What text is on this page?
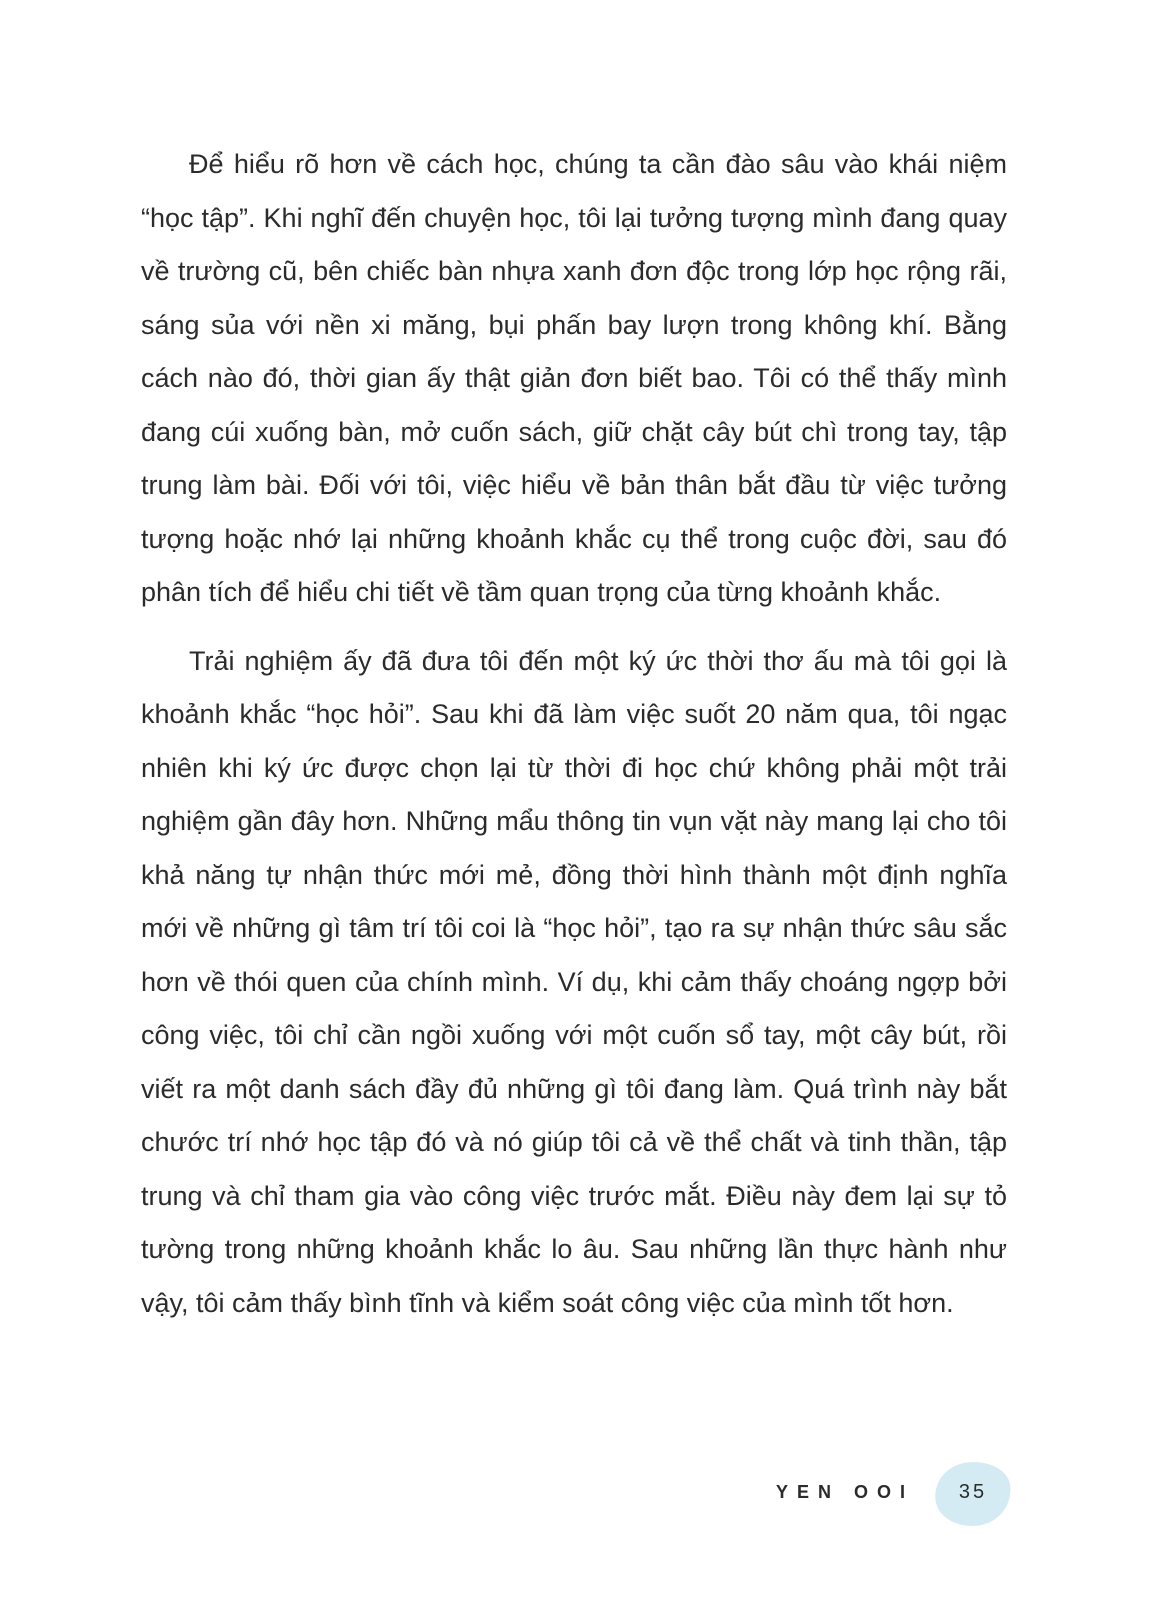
Để hiểu rõ hơn về cách học, chúng ta cần đào sâu vào khái niệm “học tập”. Khi nghĩ đến chuyện học, tôi lại tưởng tượng mình đang quay về trường cũ, bên chiếc bàn nhựa xanh đơn độc trong lớp học rộng rãi, sáng sủa với nền xi măng, bụi phấn bay lượn trong không khí. Bằng cách nào đó, thời gian ấy thật giản đơn biết bao. Tôi có thể thấy mình đang cúi xuống bàn, mở cuốn sách, giữ chặt cây bút chì trong tay, tập trung làm bài. Đối với tôi, việc hiểu về bản thân bắt đầu từ việc tưởng tượng hoặc nhớ lại những khoảnh khắc cụ thể trong cuộc đời, sau đó phân tích để hiểu chi tiết về tầm quan trọng của từng khoảnh khắc.

Trải nghiệm ấy đã đưa tôi đến một ký ức thời thơ ấu mà tôi gọi là khoảnh khắc “học hỏi”. Sau khi đã làm việc suốt 20 năm qua, tôi ngạc nhiên khi ký ức được chọn lại từ thời đi học chứ không phải một trải nghiệm gần đây hơn. Những mẩu thông tin vụn vặt này mang lại cho tôi khả năng tự nhận thức mới mẻ, đồng thời hình thành một định nghĩa mới về những gì tâm trí tôi coi là “học hỏi”, tạo ra sự nhận thức sâu sắc hơn về thói quen của chính mình. Ví dụ, khi cảm thấy choáng ngợp bởi công việc, tôi chỉ cần ngồi xuống với một cuốn sổ tay, một cây bút, rồi viết ra một danh sách đầy đủ những gì tôi đang làm. Quá trình này bắt chước trí nhớ học tập đó và nó giúp tôi cả về thể chất và tinh thần, tập trung và chỉ tham gia vào công việc trước mắt. Điều này đem lại sự tỏ tường trong những khoảnh khắc lo âu. Sau những lần thực hành như vậy, tôi cảm thấy bình tĩnh và kiểm soát công việc của mình tốt hơn.

YEN OOI	35
